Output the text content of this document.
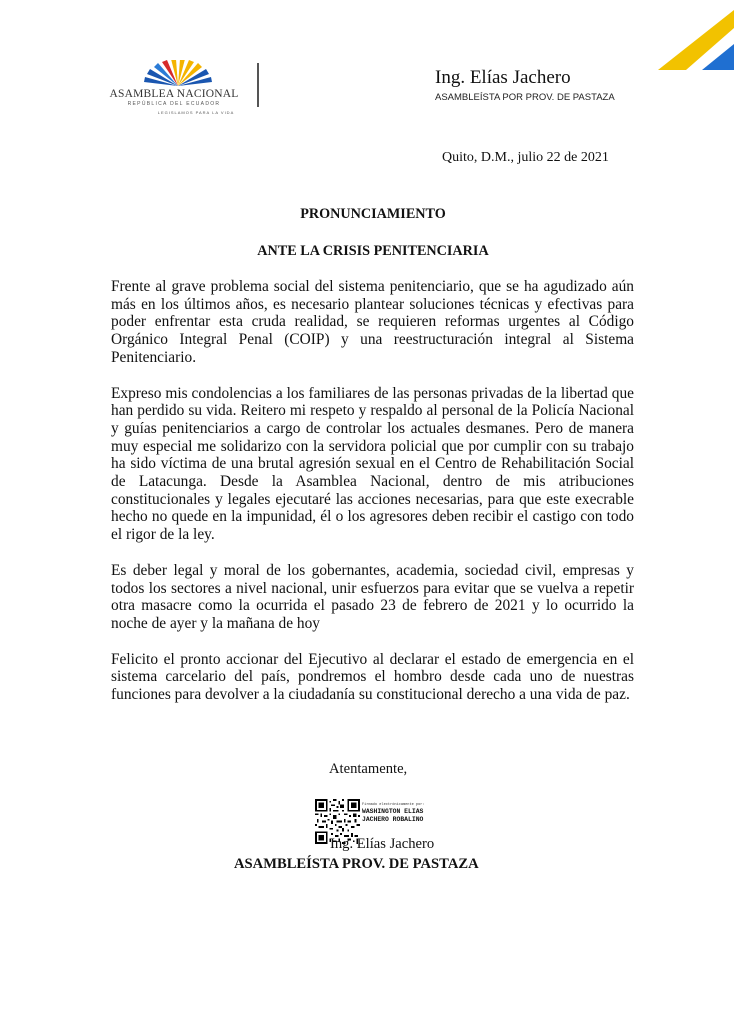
ASAMBLEA NACIONAL
REPÚBLICA DEL ECUADOR
LEGISLAMOS PARA LA VIDA
Ing. Elías Jachero
ASAMBLEÍSTA POR PROV. DE PASTAZA
Quito, D.M., julio 22 de 2021
PRONUNCIAMIENTO
ANTE LA CRISIS PENITENCIARIA

Frente al grave problema social del sistema penitenciario, que se ha agudizado aún más en los últimos años, es necesario plantear soluciones técnicas y efectivas para poder enfrentar esta cruda realidad, se requieren reformas urgentes al Código Orgánico Integral Penal (COIP) y una reestructuración integral al Sistema Penitenciario.

Expreso mis condolencias a los familiares de las personas privadas de la libertad que han perdido su vida. Reitero mi respeto y respaldo al personal de la Policía Nacional y guías penitenciarios a cargo de controlar los actuales desmanes. Pero de manera muy especial me solidarizo con la servidora policial que por cumplir con su trabajo ha sido víctima de una brutal agresión sexual en el Centro de Rehabilitación Social de Latacunga. Desde la Asamblea Nacional, dentro de mis atribuciones constitucionales y legales ejecutaré las acciones necesarias, para que este execrable hecho no quede en la impunidad, él o los agresores deben recibir el castigo con todo el rigor de la ley.

Es deber legal y moral de los gobernantes, academia, sociedad civil, empresas y todos los sectores a nivel nacional, unir esfuerzos para evitar que se vuelva a repetir otra masacre como la ocurrida el pasado 23 de febrero de 2021 y lo ocurrido la noche de ayer y la mañana de hoy

Felicito el pronto accionar del Ejecutivo al declarar el estado de emergencia en el sistema carcelario del país, pondremos el hombro desde cada uno de nuestras funciones para devolver a la ciudadanía su constitucional derecho a una vida de paz.

Atentamente,
Firmado electrónicamente por:
WASHINGTON ELIAS
JACHERO ROBALINO
Ing. Elías Jachero
ASAMBLEÍSTA PROV. DE PASTAZA
